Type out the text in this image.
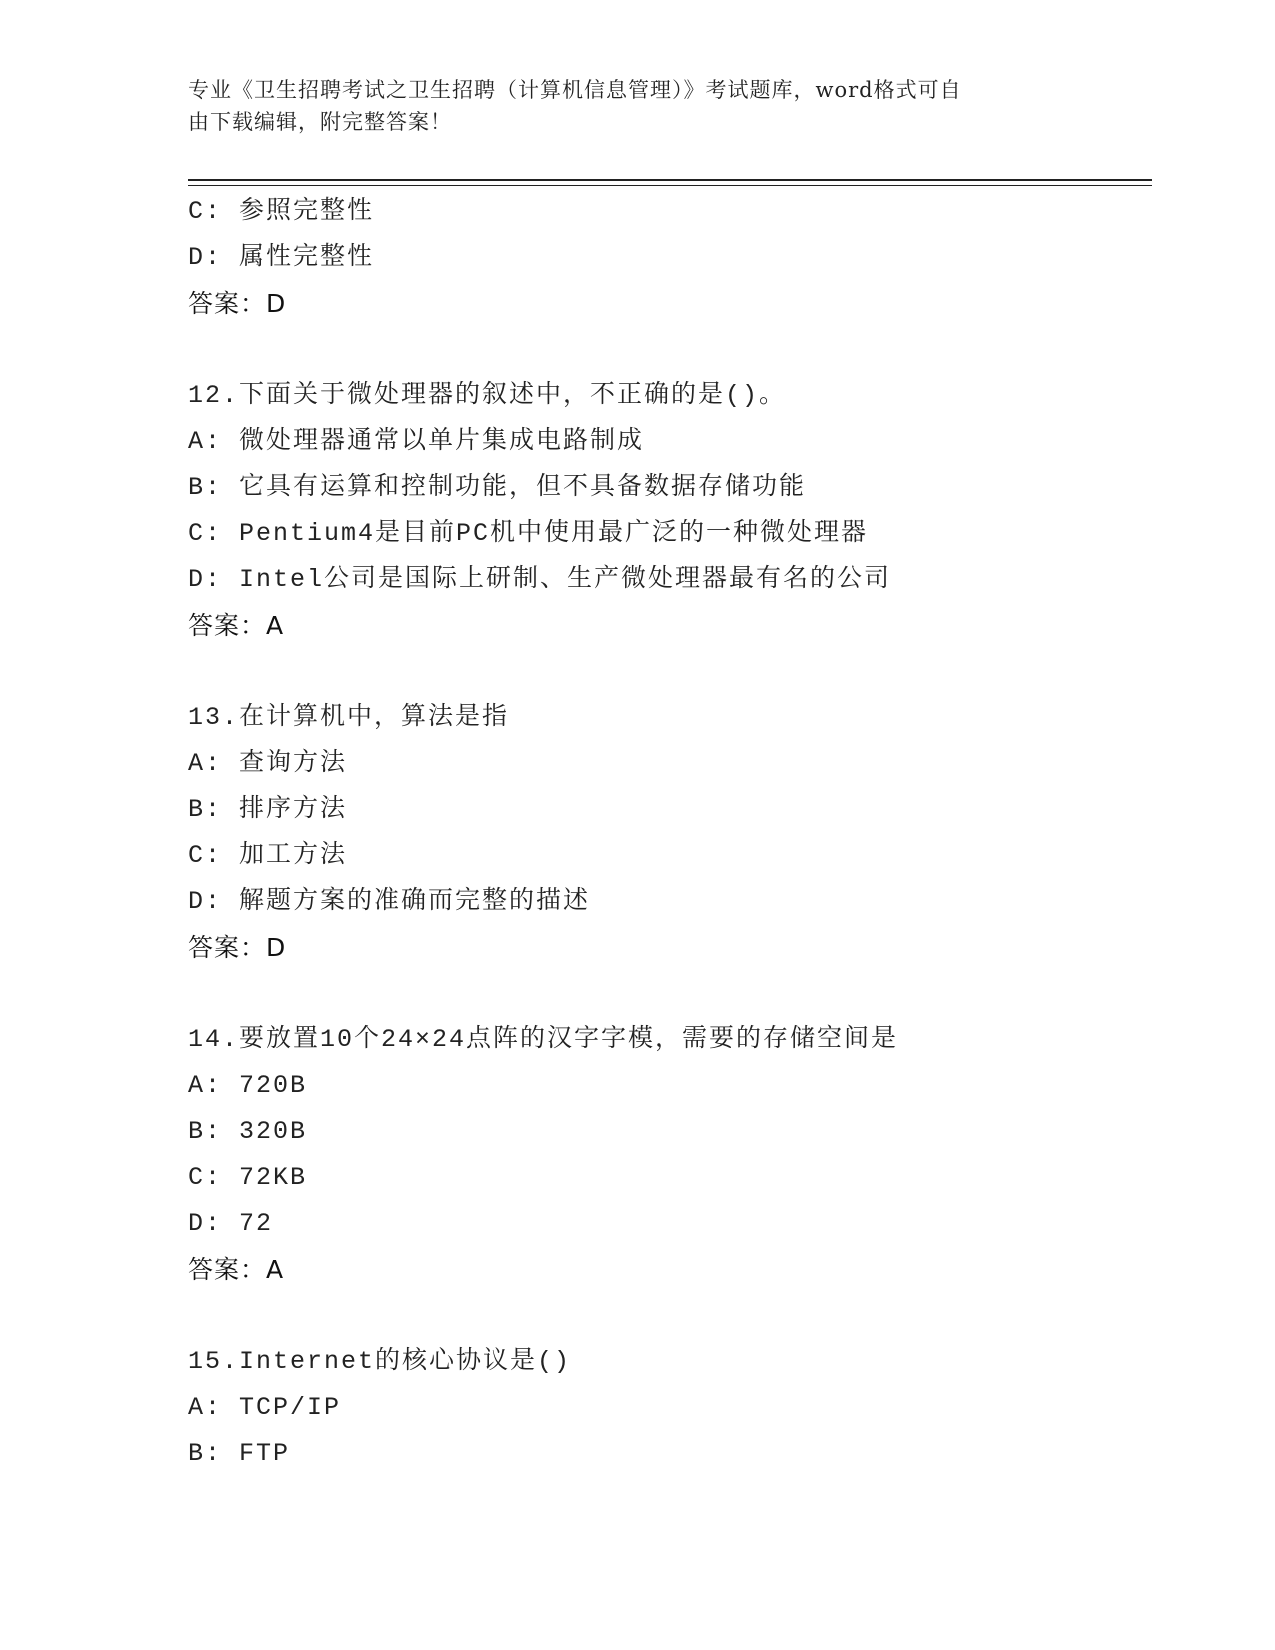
专业《卫生招聘考试之卫生招聘（计算机信息管理）》考试题库，word格式可自
由下载编辑，附完整答案！
C: 参照完整性
D: 属性完整性
答案：D
12.下面关于微处理器的叙述中，不正确的是()。
A: 微处理器通常以单片集成电路制成
B: 它具有运算和控制功能，但不具备数据存储功能
C: Pentium4是目前PC机中使用最广泛的一种微处理器
D: Intel公司是国际上研制、生产微处理器最有名的公司
答案：A
13.在计算机中，算法是指
A: 查询方法
B: 排序方法
C: 加工方法
D: 解题方案的准确而完整的描述
答案：D
14.要放置10个24×24点阵的汉字字模，需要的存储空间是
A: 720B
B: 320B
C: 72KB
D: 72
答案：A
15.Internet的核心协议是()
A: TCP/IP
B: FTP
